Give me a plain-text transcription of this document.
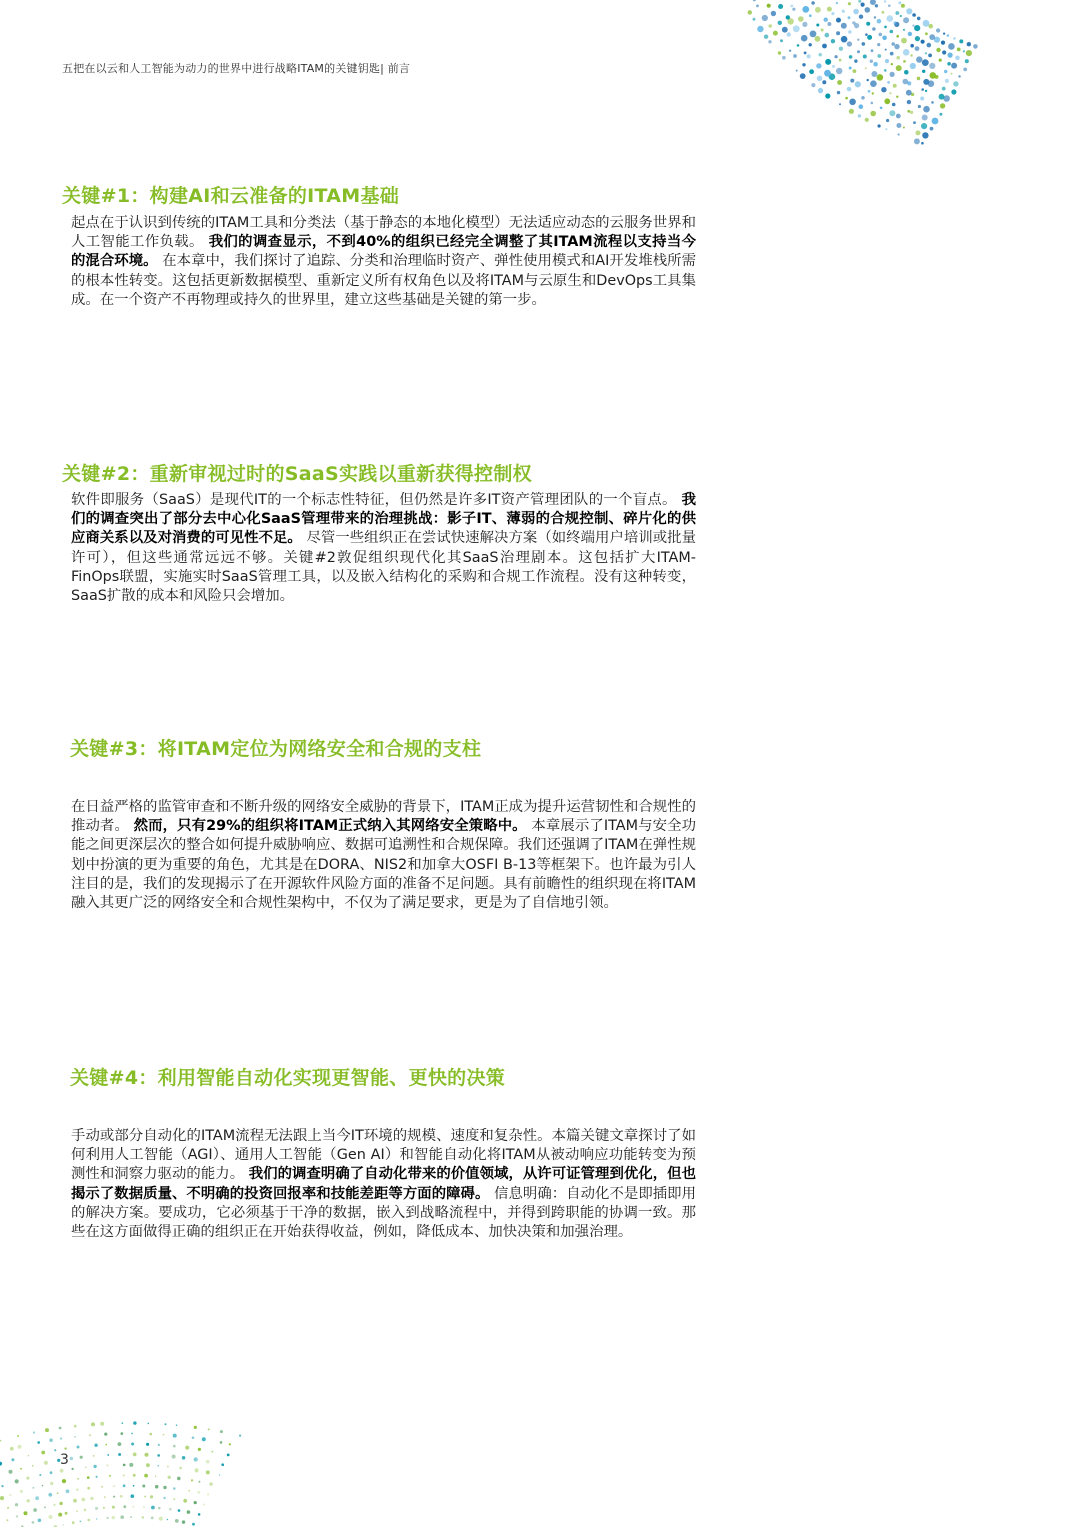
五把在以云和人工智能为动力的世界中进行战略ITAM的关键钥匙| 前言
关键#1：构建AI和云准备的ITAM基础
起点在于认识到传统的ITAM工具和分类法（基于静态的本地化模型）无法适应动态的云服务世界和人工智能工作负载。 我们的调查显示，不到40%的组织已经完全调整了其ITAM流程以支持当今的混合环境。 在本章中，我们探讨了追踪、分类和治理临时资产、弹性使用模式和AI开发堆栈所需的根本性转变。这包括更新数据模型、重新定义所有权角色以及将ITAM与云原生和DevOps工具集成。在一个资产不再物理或持久的世界里，建立这些基础是关键的第一步。
关键#2：重新审视过时的SaaS实践以重新获得控制权
软件即服务（SaaS）是现代IT的一个标志性特征，但仍然是许多IT资产管理团队的一个盲点。 我们的调查突出了部分去中心化SaaS管理带来的治理挑战：影子IT、薄弱的合规控制、碎片化的供应商关系以及对消费的可见性不足。 尽管一些组织正在尝试快速解决方案（如终端用户培训或批量许可），但这些通常远远不够。关键#2敦促组织现代化其SaaS治理剧本。这包括扩大ITAM-FinOps联盟，实施实时SaaS管理工具，以及嵌入结构化的采购和合规工作流程。没有这种转变，SaaS扩散的成本和风险只会增加。
关键#3：将ITAM定位为网络安全和合规的支柱
在日益严格的监管审查和不断升级的网络安全威胁的背景下，ITAM正成为提升运营韧性和合规性的推动者。 然而，只有29%的组织将ITAM正式纳入其网络安全策略中。 本章展示了ITAM与安全功能之间更深层次的整合如何提升威胁响应、数据可追溯性和合规保障。我们还强调了ITAM在弹性规划中扮演的更为重要的角色，尤其是在DORA、NIS2和加拿大OSFI B-13等框架下。也许最为引人注目的是，我们的发现揭示了在开源软件风险方面的准备不足问题。具有前瞻性的组织现在将ITAM融入其更广泛的网络安全和合规性架构中，不仅为了满足要求，更是为了自信地引领。
关键#4：利用智能自动化实现更智能、更快的决策
手动或部分自动化的ITAM流程无法跟上当今IT环境的规模、速度和复杂性。本篇关键文章探讨了如何利用人工智能（AGI）、通用人工智能（Gen AI）和智能自动化将ITAM从被动响应功能转变为预测性和洞察力驱动的能力。 我们的调查明确了自动化带来的价值领域，从许可证管理到优化，但也揭示了数据质量、不明确的投资回报率和技能差距等方面的障碍。 信息明确：自动化不是即插即用的解决方案。要成功，它必须基于干净的数据，嵌入到战略流程中，并得到跨职能的协调一致。那些在这方面做得正确的组织正在开始获得收益，例如，降低成本、加快决策和加强治理。
3
